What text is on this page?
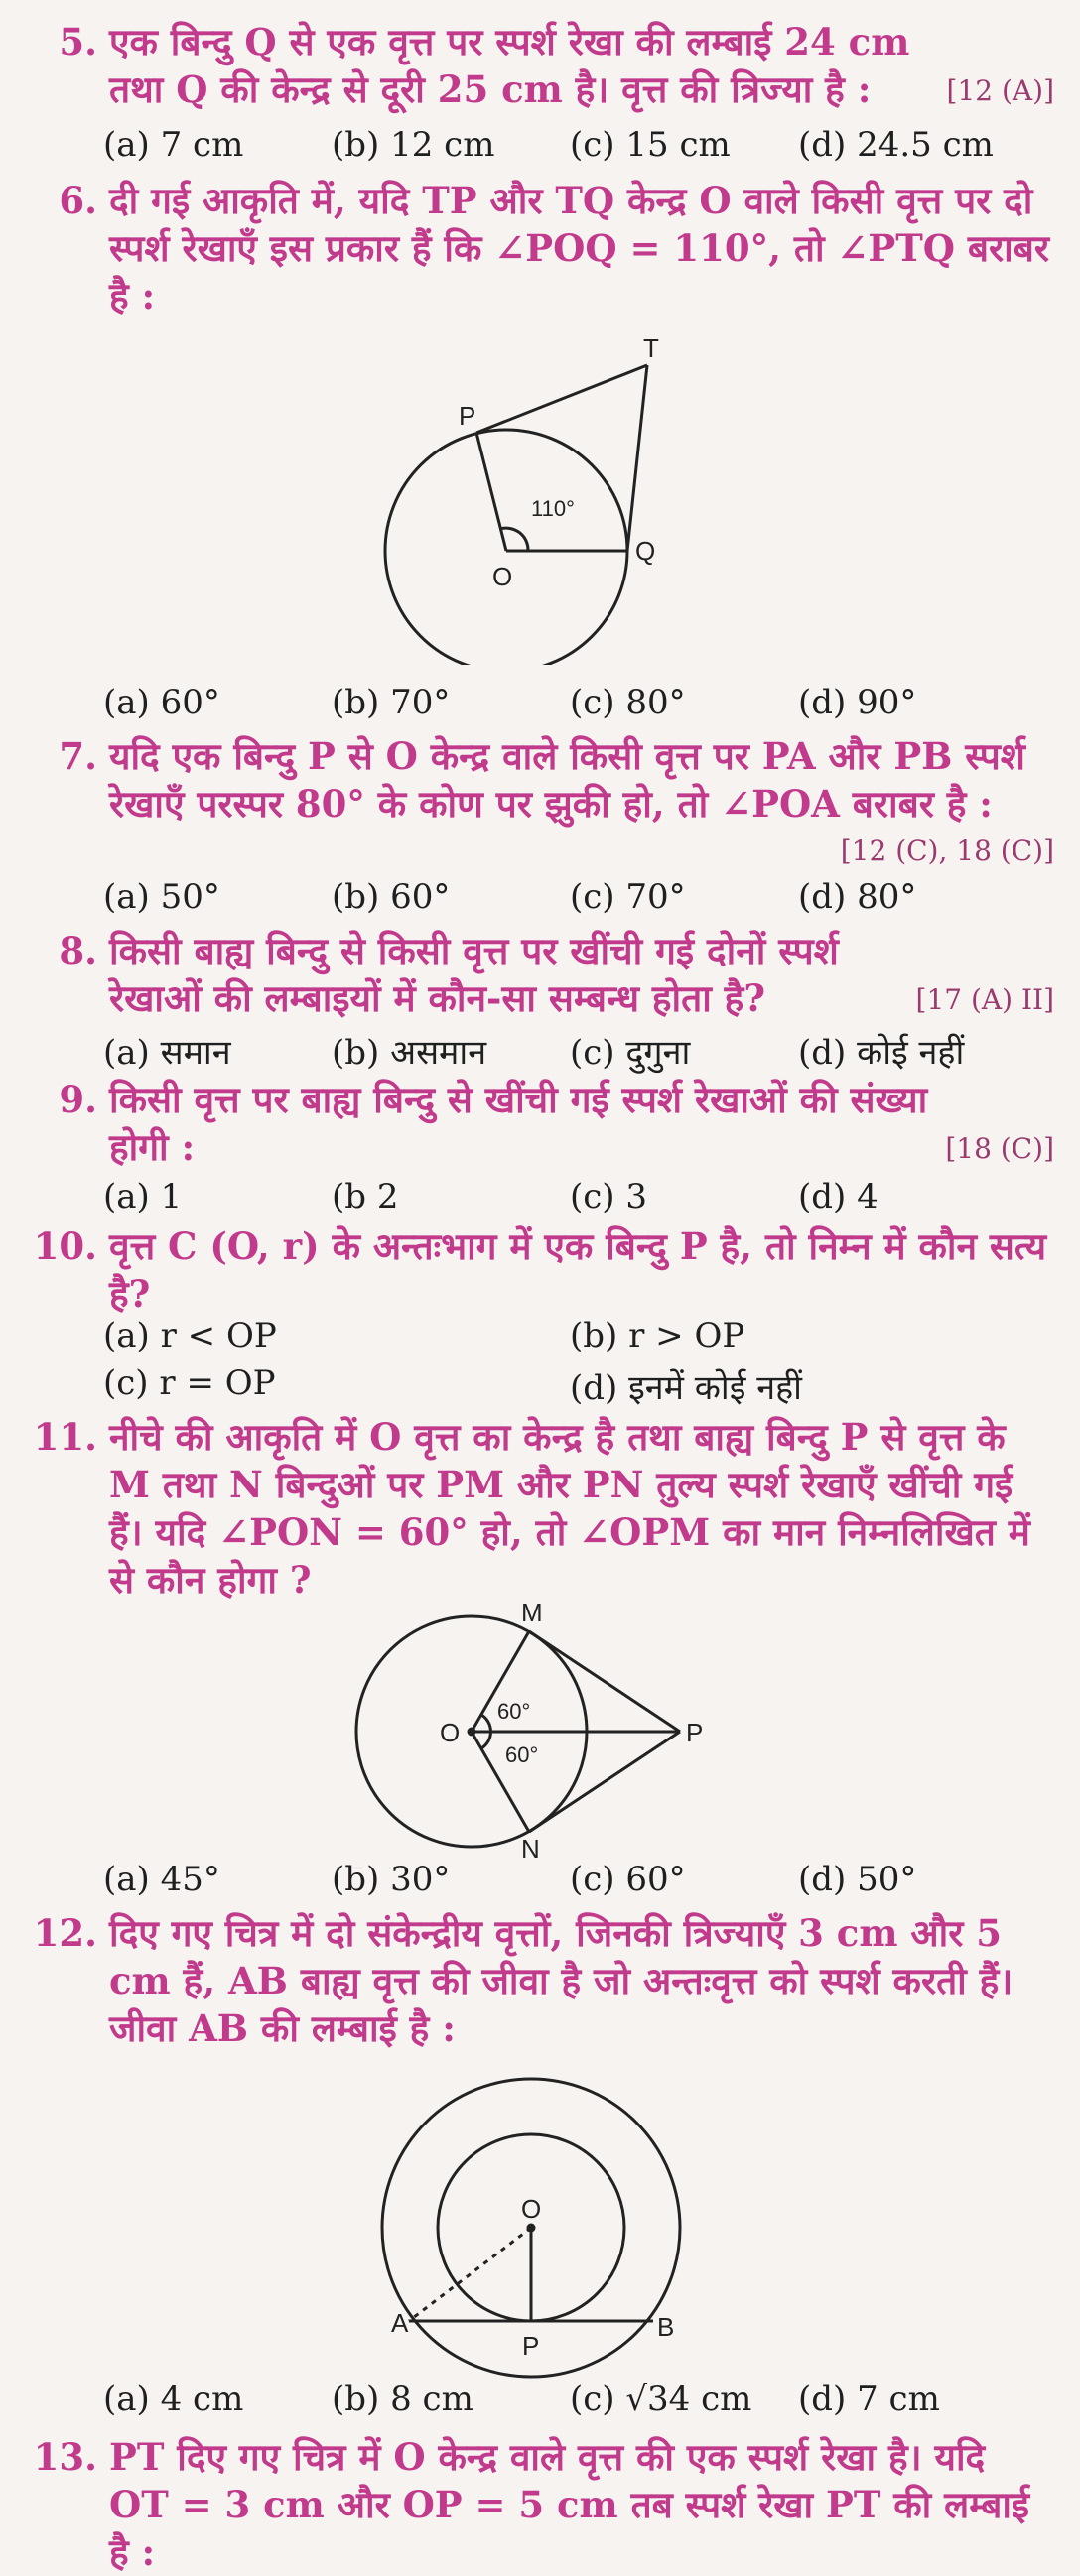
5.
[12 (A)]
एक बिन्दु Q से एक वृत्त पर स्पर्श रेखा की लम्बाई 24 cm तथा Q की केन्द्र से दूरी 25 cm है। वृत्त की त्रिज्या है :
(a) 7 cm	(b) 12 cm (c) 15 cm (d) 24.5 cm
6. दी गई आकृति में, यदि TP और TQ केन्द्र O वाले किसी वृत्त पर दो स्पर्श रेखाएँ इस प्रकार हैं कि ∠POQ = 110°, तो ∠PTQ बराबर है :
P
T
O
Q
110°
(a) 60°	(b) 70°	(c) 80°	(d) 90°
7. यदि एक बिन्दु P से O केन्द्र वाले किसी वृत्त पर PA और PB स्पर्श रेखाएँ परस्पर 80° के कोण पर झुकी हो, तो ∠POA बराबर है :

[12 (C), 18 (C)]
(a) 50°	(b) 60°	(c) 70°	(d) 80°
8.
[17 (A) II]
किसी बाह्य बिन्दु से किसी वृत्त पर खींची गई दोनों स्पर्श रेखाओं की लम्बाइयों में कौन-सा सम्बन्ध होता है?
(a) समान	(b) असमान (c) दुगुना	(d) कोई नहीं
9.
[18 (C)]
किसी वृत्त पर बाह्य बिन्दु से खींची गई स्पर्श रेखाओं की संख्या होगी :
(a) 1	(b 2	(c) 3	(d) 4
10. वृत्त C (O, r) के अन्तःभाग में एक बिन्दु P है, तो निम्न में कौन सत्य है?
(a) r < OP	(b) r > OP
(c) r = OP	(d) इनमें कोई नहीं
11. नीचे की आकृति में O वृत्त का केन्द्र है तथा बाह्य बिन्दु P से वृत्त के M तथा N बिन्दुओं पर PM और PN तुल्य स्पर्श रेखाएँ खींची गई हैं। यदि ∠PON = 60° हो, तो ∠OPM का मान निम्नलिखित में से कौन होगा ?
M
N
O	P
60°
60°
(a) 45°	(b) 30°	(c) 60°	(d) 50°
12. दिए गए चित्र में दो संकेन्द्रीय वृत्तों, जिनकी त्रिज्याएँ 3 cm और 5 cm हैं, AB बाह्य वृत्त की जीवा है जो अन्तःवृत्त को स्पर्श करती हैं। जीवा AB की लम्बाई है :
O
A
P
B
(a) 4 cm	(b) 8 cm	(c) √34 cm (d) 7 cm
13. PT दिए गए चित्र में O केन्द्र वाले वृत्त की एक स्पर्श रेखा है। यदि OT = 3 cm और OP = 5 cm तब स्पर्श रेखा PT की लम्बाई है :
